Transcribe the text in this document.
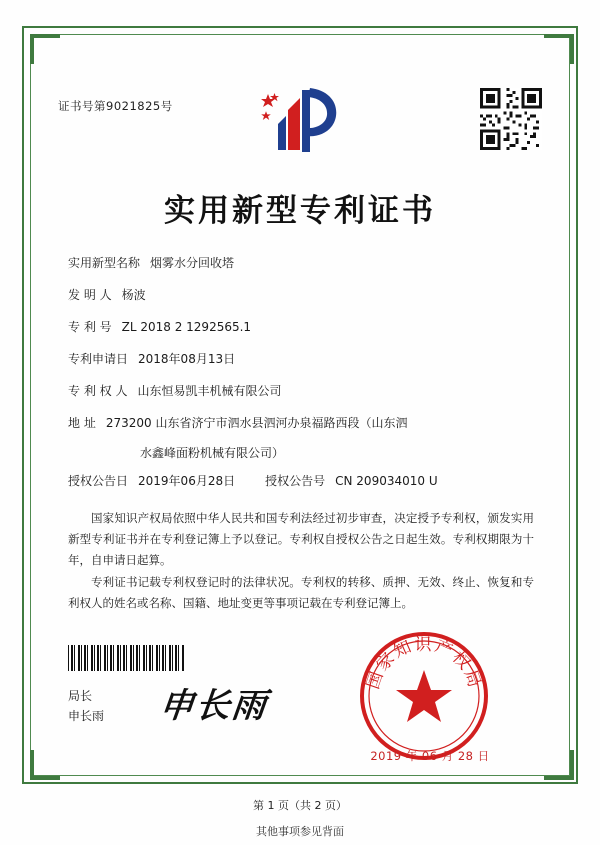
证书号第9021825号
实用新型专利证书
实用新型名称 烟雾水分回收塔
发 明 人 杨波
专 利 号 ZL 2018 2 1292565.1
专利申请日 2018年08月13日
专 利 权 人 山东恒易凯丰机械有限公司
地 址 273200 山东省济宁市泗水县泗河办泉福路西段（山东泗
水鑫峰面粉机械有限公司）
授权公告日 2019年06月28日	授权公告号 CN 209034010 U
国家知识产权局依照中华人民共和国专利法经过初步审查，决定授予专利权，颁发实用新型专利证书并在专利登记簿上予以登记。专利权自授权公告之日起生效。专利权期限为十年，自申请日起算。
专利证书记载专利权登记时的法律状况。专利权的转移、质押、无效、终止、恢复和专利权人的姓名或名称、国籍、地址变更等事项记载在专利登记簿上。
局长
申长雨 申长雨
国家知识产权局
2019 年 06 月 28 日
第 1 页（共 2 页）
其他事项参见背面
